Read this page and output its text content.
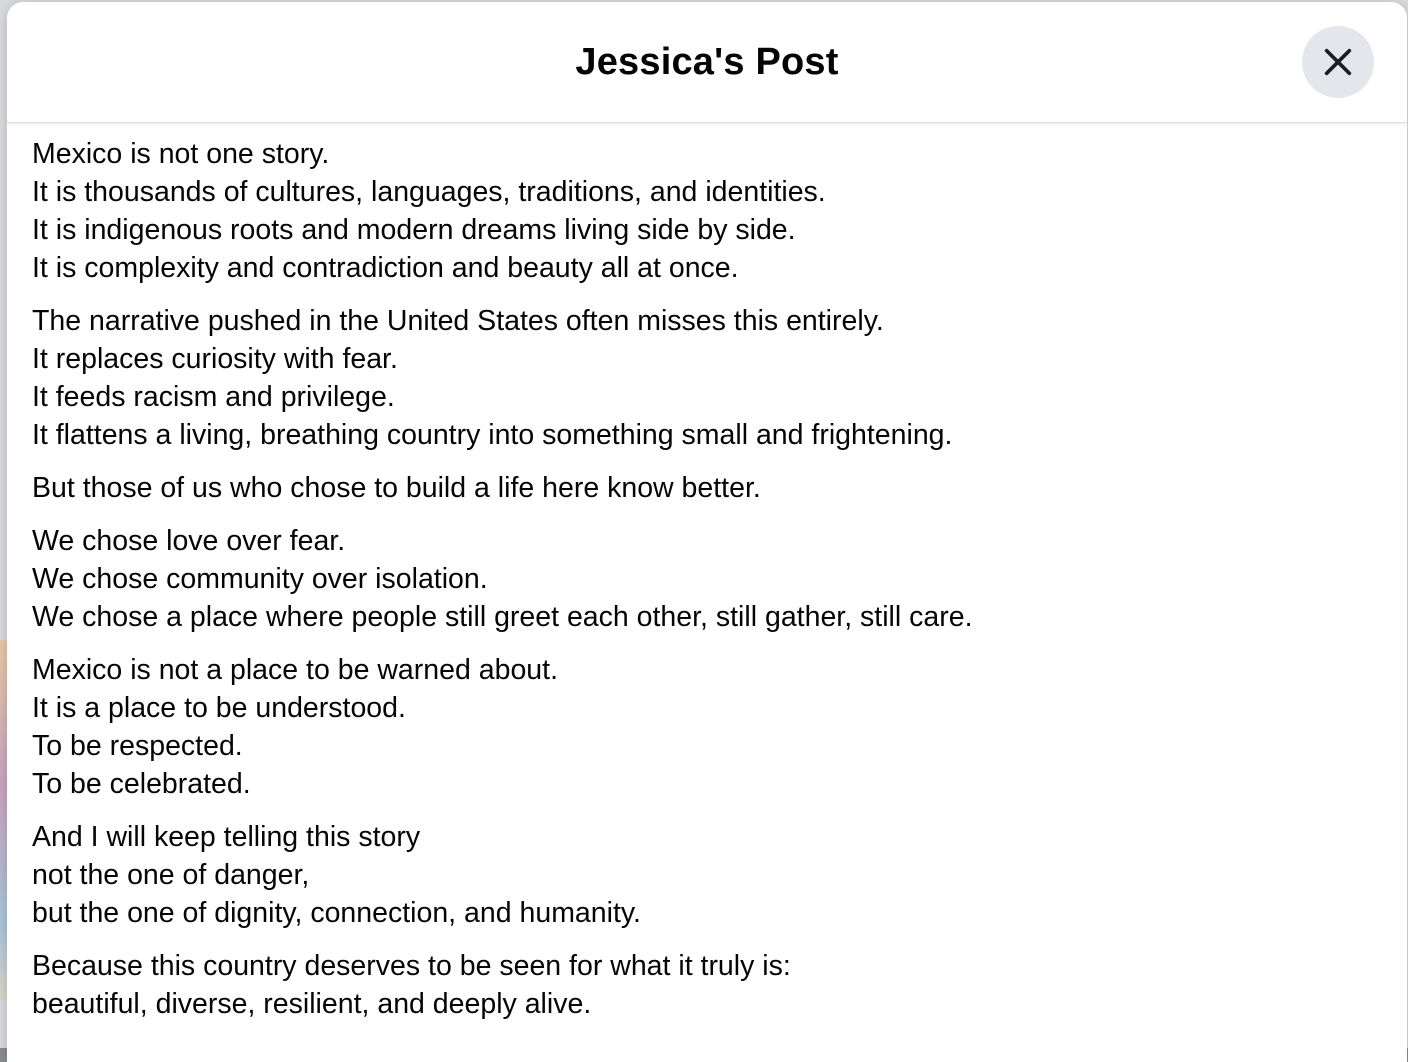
Jessica's Post

Mexico is not one story.
It is thousands of cultures, languages, traditions, and identities.
It is indigenous roots and modern dreams living side by side.
It is complexity and contradiction and beauty all at once.

The narrative pushed in the United States often misses this entirely.
It replaces curiosity with fear.
It feeds racism and privilege.
It flattens a living, breathing country into something small and frightening.

But those of us who chose to build a life here know better.

We chose love over fear.
We chose community over isolation.
We chose a place where people still greet each other, still gather, still care.

Mexico is not a place to be warned about.
It is a place to be understood.
To be respected.
To be celebrated.

And I will keep telling this story
not the one of danger,
but the one of dignity, connection, and humanity.

Because this country deserves to be seen for what it truly is:
beautiful, diverse, resilient, and deeply alive.
